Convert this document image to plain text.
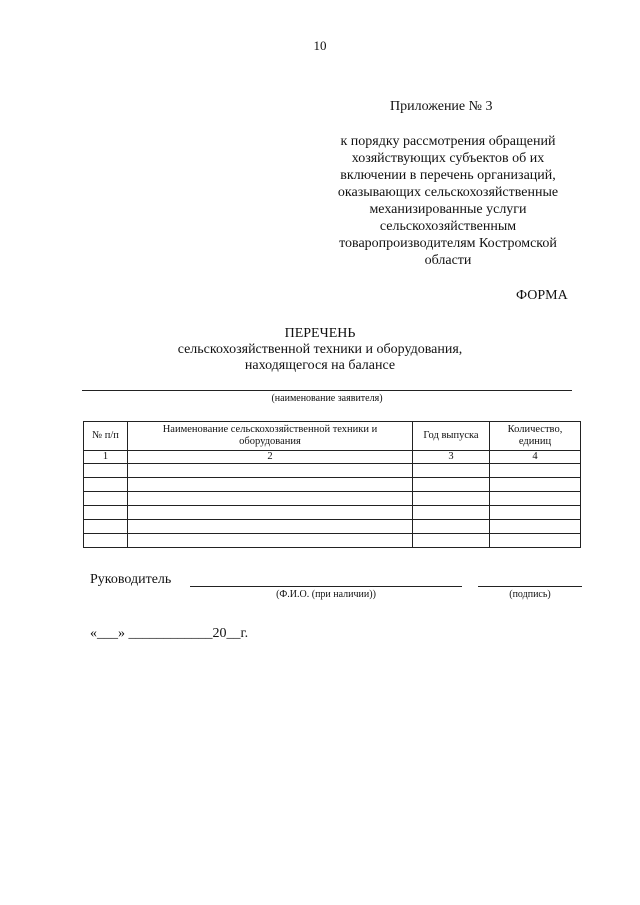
10
Приложение № 3
к порядку рассмотрения обращений
хозяйствующих субъектов об их
включении в перечень организаций,
оказывающих сельскохозяйственные
механизированные услуги
сельскохозяйственным
товаропроизводителям Костромской
области
ФОРМА
ПЕРЕЧЕНЬ
сельскохозяйственной техники и оборудования,
находящегося на балансе
(наименование заявителя)
№ п/п	Наименование сельскохозяйственной техники и оборудования	Год выпуска	Количество, единиц
1	2	3	4

Руководитель
(Ф.И.О. (при наличии))	(подпись)
«___» ____________20__г.
